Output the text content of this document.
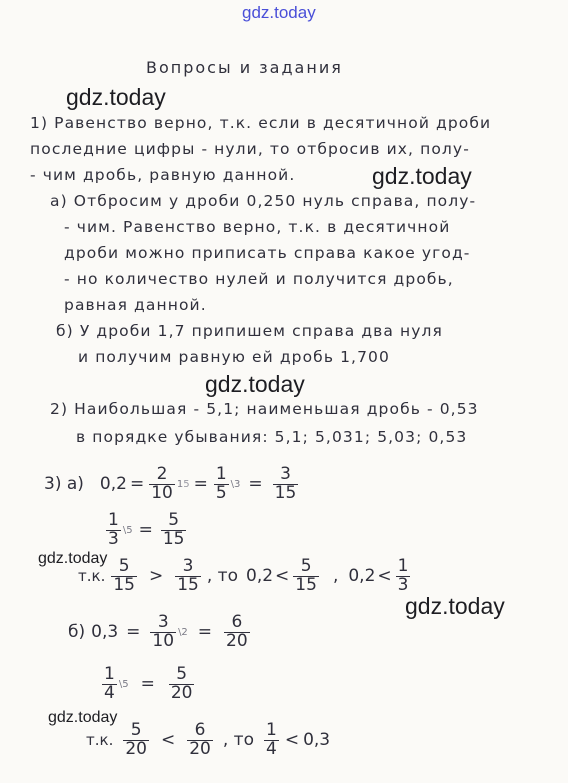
gdz.today
Вопросы и задания
gdz.today
1) Равенство верно, т.к. если в десятичной дроби
последние цифры - нули, то отбросив их, полу-
- чим дробь, равную данной.	gdz.today
а) Отбросим у дроби 0,250 нуль справа, полу-
- чим. Равенство верно, т.к. в десятичной
дроби можно приписать справа какое угод-
- но количество нулей и получится дробь,
равная данной.
б) У дроби 1,7 припишем справа два нуля
и получим равную ей дробь 1,700
gdz.today
2) Наибольшая - 5,1; наименьшая дробь - 0,53
в порядке убывания: 5,1; 5,031; 5,03; 0,53
3) а) $0,2 = \frac{2}{10} 1$ $5 = \frac{1}{5}$ \3 = $\frac{3}{15}$
$\frac{1}{3}$ \5 = $\frac{5}{15}$
gdz.today
т.к. $\frac{5}{15} > \frac{3}{15}$ , то $0,2 < \frac{5}{15}$ , $0,2 < \frac{1}{3}$
gdz.today
б) $0,3 = \frac{3}{10}$ \2 = $\frac{6}{20}$
$\frac{1}{4}$ \5 = $\frac{5}{20}$
gdz.today
т.к. $\frac{5}{20} < \frac{6}{20}$ , то $\frac{1}{4} < 0,3$
